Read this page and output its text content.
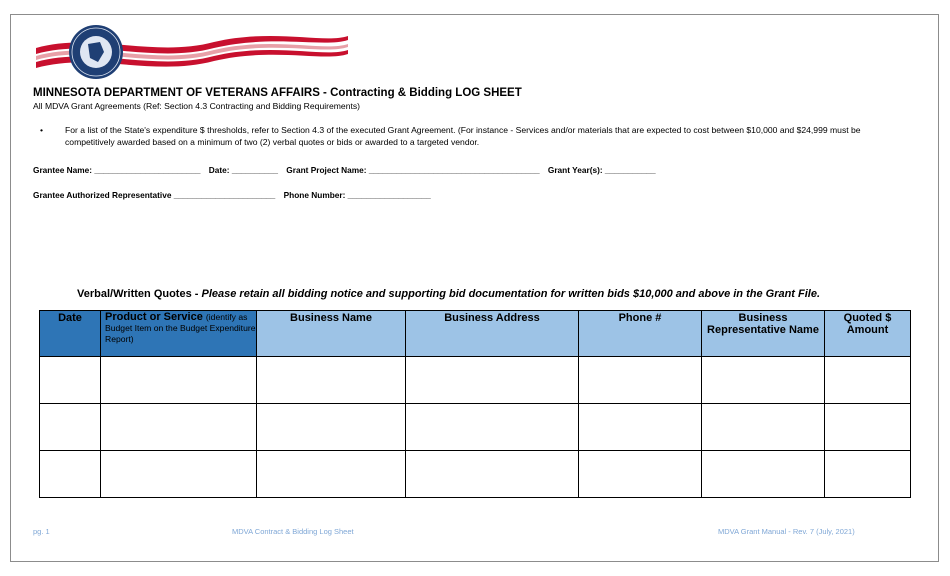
MINNESOTA DEPARTMENT OF VETERANS AFFAIRS - Contracting & Bidding LOG SHEET
All MDVA Grant Agreements (Ref: Section 4.3 Contracting and Bidding Requirements)
•	For a list of the State's expenditure $ thresholds, refer to Section 4.3 of the executed Grant Agreement. (For instance - Services and/or materials that are expected to cost between $10,000 and $24,999 must be competitively awarded based on a minimum of two (2) verbal quotes or bids or awarded to a targeted vendor.
Grantee Name: _______________________ Date: __________ Grant Project Name: _____________________________________ Grant Year(s): ___________
Grantee Authorized Representative ______________________ Phone Number: __________________
Verbal/Written Quotes - Please retain all bidding notice and supporting bid documentation for written bids $10,000 and above in the Grant File.
Date	Product or Service (identify as Budget Item on the Budget Expenditure Report)	Business Name	Business Address	Phone #	Business Representative Name	Quoted $ Amount

pg. 1	MDVA Contract & Bidding Log Sheet	MDVA Grant Manual - Rev. 7 (July, 2021)
